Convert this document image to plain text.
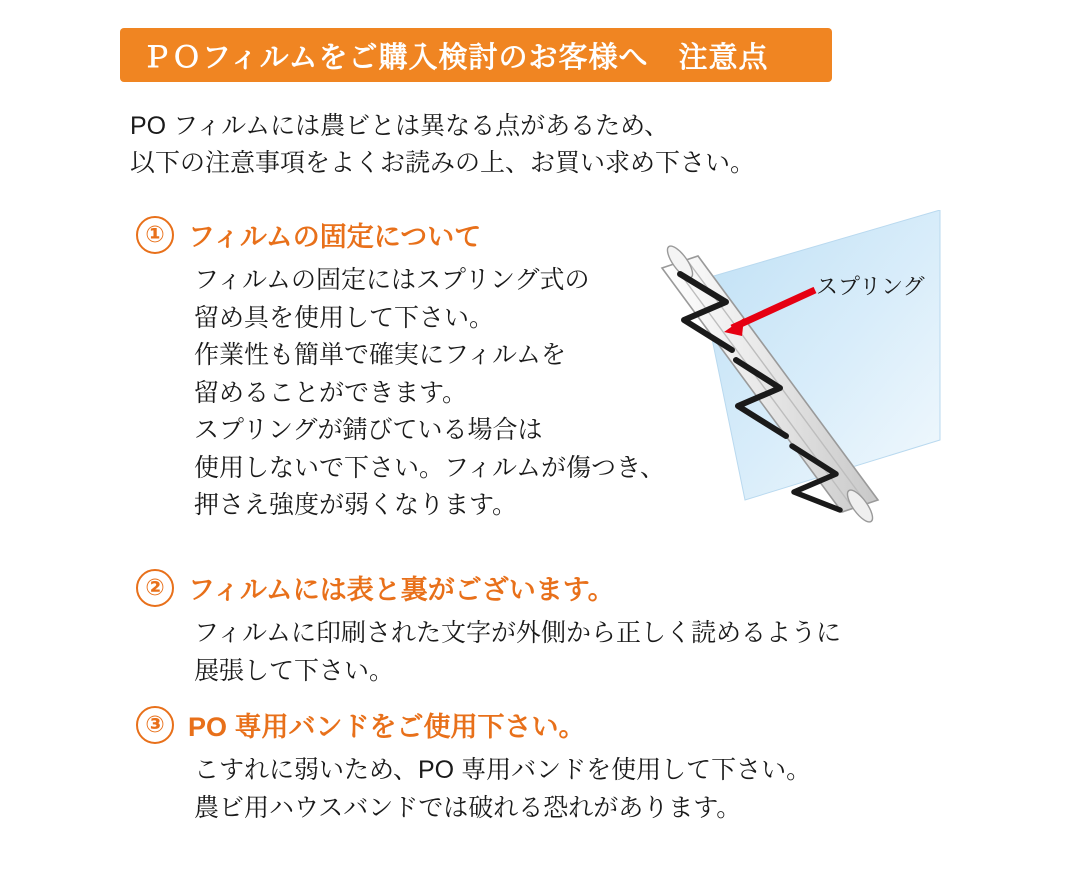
ＰＯフィルムをご購入検討のお客様へ　注意点
PO フィルムには農ビとは異なる点があるため、
以下の注意事項をよくお読みの上、お買い求め下さい。
① フィルムの固定について
フィルムの固定にはスプリング式の
留め具を使用して下さい。
作業性も簡単で確実にフィルムを
留めることができます。
スプリングが錆びている場合は
使用しないで下さい。フィルムが傷つき、
押さえ強度が弱くなります。
スプリング
② フィルムには表と裏がございます。
フィルムに印刷された文字が外側から正しく読めるように
展張して下さい。
③ PO 専用バンドをご使用下さい。
こすれに弱いため、PO 専用バンドを使用して下さい。
農ビ用ハウスバンドでは破れる恐れがあります。
